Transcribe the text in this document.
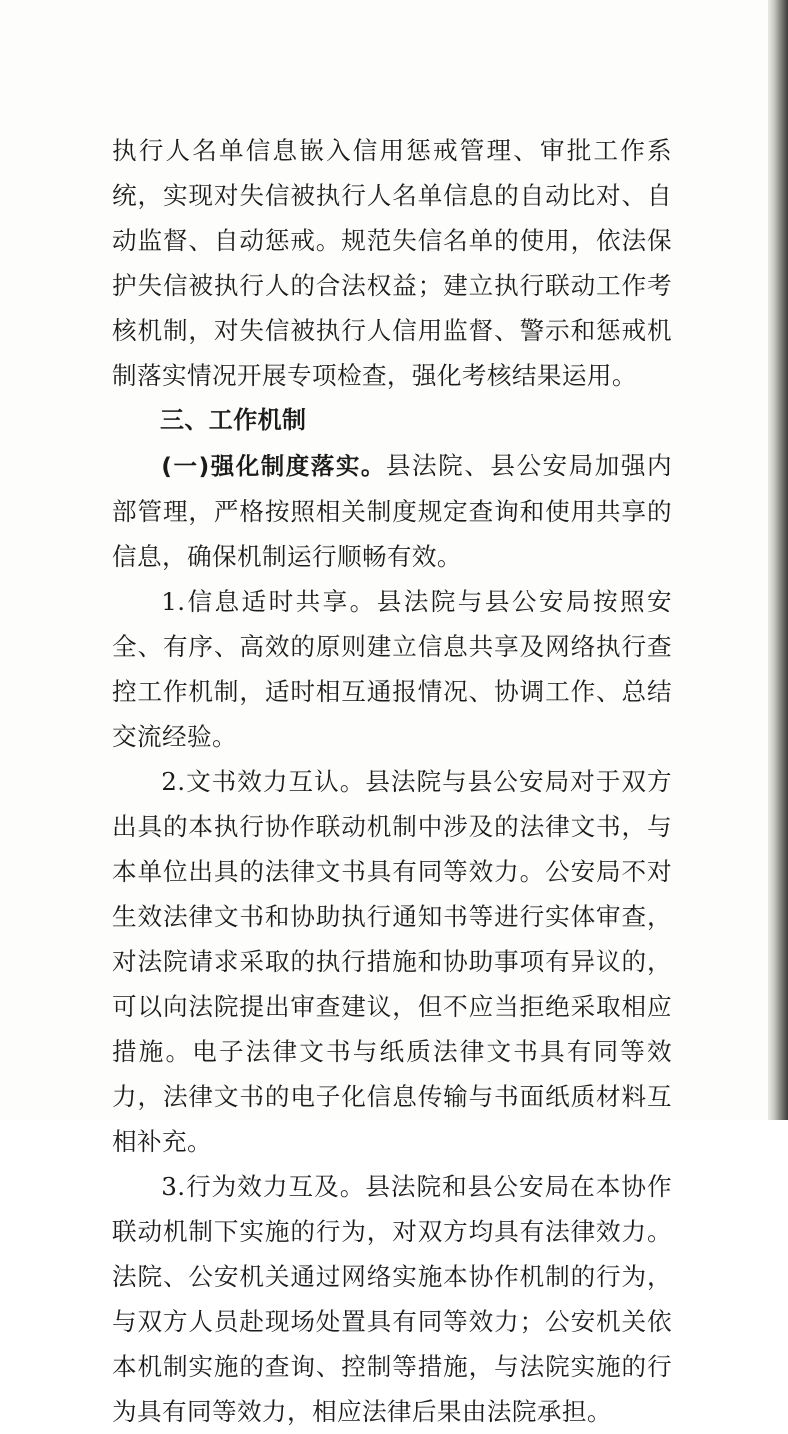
执行人名单信息嵌入信用惩戒管理、审批工作系统，实现对失信被执行人名单信息的自动比对、自动监督、自动惩戒。规范失信名单的使用，依法保护失信被执行人的合法权益；建立执行联动工作考核机制，对失信被执行人信用监督、警示和惩戒机制落实情况开展专项检查，强化考核结果运用。

三、工作机制

(一)强化制度落实。县法院、县公安局加强内部管理，严格按照相关制度规定查询和使用共享的信息，确保机制运行顺畅有效。

1.信息适时共享。县法院与县公安局按照安全、有序、高效的原则建立信息共享及网络执行查控工作机制，适时相互通报情况、协调工作、总结交流经验。

2.文书效力互认。县法院与县公安局对于双方出具的本执行协作联动机制中涉及的法律文书，与本单位出具的法律文书具有同等效力。公安局不对生效法律文书和协助执行通知书等进行实体审查，对法院请求采取的执行措施和协助事项有异议的，可以向法院提出审查建议，但不应当拒绝采取相应措施。电子法律文书与纸质法律文书具有同等效力，法律文书的电子化信息传输与书面纸质材料互相补充。

3.行为效力互及。县法院和县公安局在本协作联动机制下实施的行为，对双方均具有法律效力。法院、公安机关通过网络实施本协作机制的行为，与双方人员赴现场处置具有同等效力；公安机关依本机制实施的查询、控制等措施，与法院实施的行为具有同等效力，相应法律后果由法院承担。
